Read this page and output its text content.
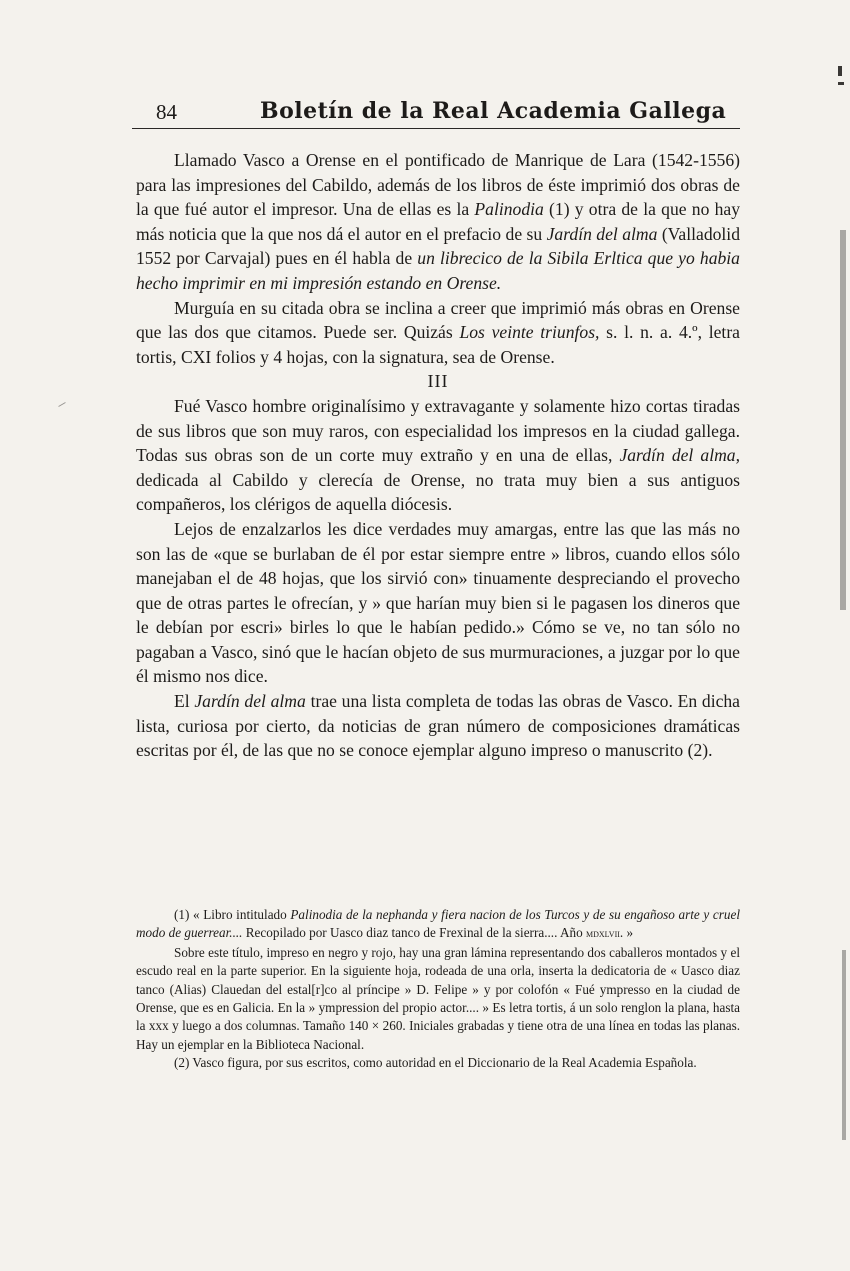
84	Boletín de la Real Academia Gallega

Llamado Vasco a Orense en el pontificado de Manrique de Lara (1542-1556) para las impresiones del Cabildo, además de los libros de éste imprimió dos obras de la que fué autor el impresor. Una de ellas es la Palinodia (1) y otra de la que no hay más noticia que la que nos dá el autor en el prefacio de su Jardín del alma (Valladolid 1552 por Carvajal) pues en él habla de un librecico de la Sibila Erltica que yo habia hecho imprimir en mi impresión estando en Orense.

Murguía en su citada obra se inclina a creer que imprimió más obras en Orense que las dos que citamos. Puede ser. Quizás Los veinte triunfos, s. l. n. a. 4.º, letra tortis, CXI folios y 4 hojas, con la signatura, sea de Orense.

III

Fué Vasco hombre originalísimo y extravagante y solamente hizo cortas tiradas de sus libros que son muy raros, con especialidad los impresos en la ciudad gallega. Todas sus obras son de un corte muy extraño y en una de ellas, Jardín del alma, dedicada al Cabildo y clerecía de Orense, no trata muy bien a sus antiguos compañeros, los clérigos de aquella diócesis.

Lejos de enzalzarlos les dice verdades muy amargas, entre las que las más no son las de «que se burlaban de él por estar siempre entre » libros, cuando ellos sólo manejaban el de 48 hojas, que los sirvió con» tinuamente despreciando el provecho que de otras partes le ofrecían, y » que harían muy bien si le pagasen los dineros que le debían por escri» birles lo que le habían pedido.» Cómo se ve, no tan sólo no pagaban a Vasco, sinó que le hacían objeto de sus murmuraciones, a juzgar por lo que él mismo nos dice.

El Jardín del alma trae una lista completa de todas las obras de Vasco. En dicha lista, curiosa por cierto, da noticias de gran número de composiciones dramáticas escritas por él, de las que no se conoce ejemplar alguno impreso o manuscrito (2).

(1) « Libro intitulado Palinodia de la nephanda y fiera nacion de los Turcos y de su engañoso arte y cruel modo de guerrear.... Recopilado por Uasco diaz tanco de Frexinal de la sierra.... Año mdxlvii. »

Sobre este título, impreso en negro y rojo, hay una gran lámina representando dos caballeros montados y el escudo real en la parte superior. En la siguiente hoja, rodeada de una orla, inserta la dedicatoria de « Uasco diaz tanco (Alias) Clauedan del estal[r]co al príncipe » D. Felipe » y por colofón « Fué ympresso en la ciudad de Orense, que es en Galicia. En la » ympression del propio actor.... » Es letra tortis, á un solo renglon la plana, hasta la xxx y luego a dos columnas. Tamaño 140 × 260. Iniciales grabadas y tiene otra de una línea en todas las planas. Hay un ejemplar en la Biblioteca Nacional.

(2) Vasco figura, por sus escritos, como autoridad en el Diccionario de la Real Academia Española.
